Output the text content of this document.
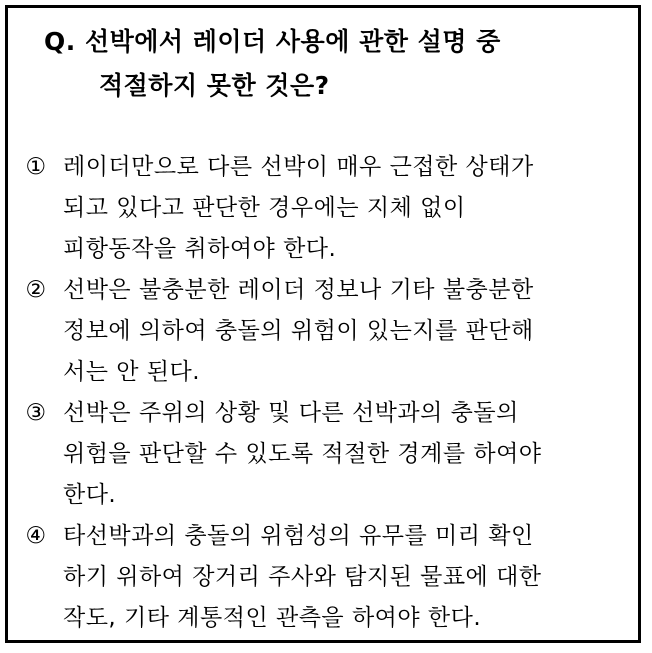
Q. 선박에서 레이더 사용에 관한 설명 중
적절하지 못한 것은?
① 레이더만으로 다른 선박이 매우 근접한 상태가
되고 있다고 판단한 경우에는 지체 없이
피항동작을 취하여야 한다.
② 선박은 불충분한 레이더 정보나 기타 불충분한
정보에 의하여 충돌의 위험이 있는지를 판단해
서는 안 된다.
③ 선박은 주위의 상황 및 다른 선박과의 충돌의
위험을 판단할 수 있도록 적절한 경계를 하여야
한다.
④ 타선박과의 충돌의 위험성의 유무를 미리 확인
하기 위하여 장거리 주사와 탐지된 물표에 대한
작도, 기타 계통적인 관측을 하여야 한다.
